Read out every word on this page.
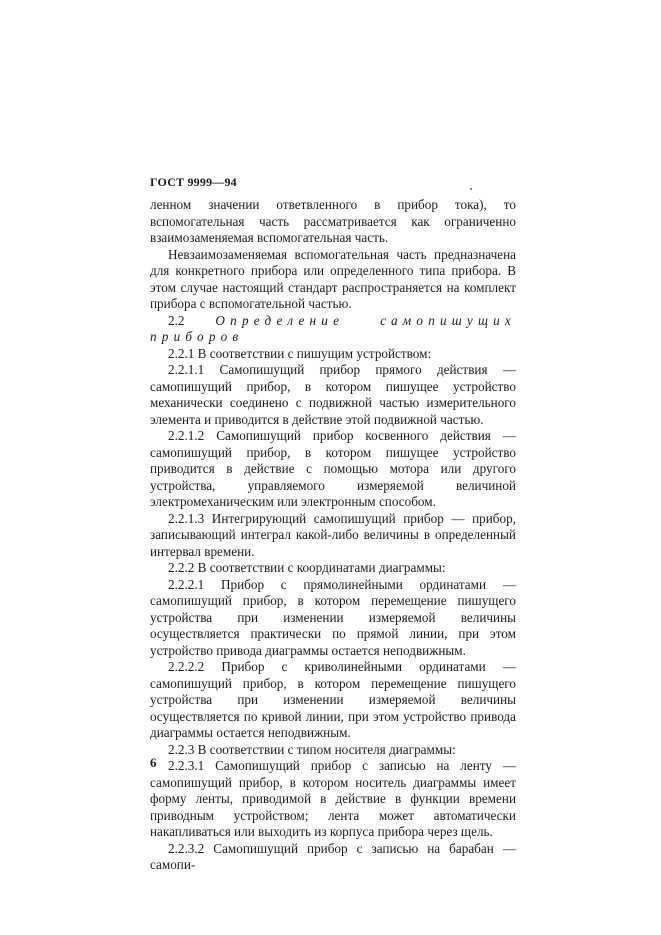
ГОСТ 9999—94

ленном значении ответвленного в прибор тока), то вспомогательная часть рассматривается как ограниченно взаимозаменяемая вспомогательная часть.

Невзаимозаменяемая вспомогательная часть предназначена для конкретного прибора или определенного типа прибора. В этом случае настоящий стандарт распространяется на комплект прибора с вспомогательной частью.

2.2 Определение самопишущих приборов

2.2.1 В соответствии с пишущим устройством:

2.2.1.1 Самопишущий прибор прямого действия — самопишущий прибор, в котором пишущее устройство механически соединено с подвижной частью измерительного элемента и приводится в действие этой подвижной частью.

2.2.1.2 Самопишущий прибор косвенного действия — самопишущий прибор, в котором пишущее устройство приводится в действие с помощью мотора или другого устройства, управляемого измеряемой величиной электромеханическим или электронным способом.

2.2.1.3 Интегрирующий самопишущий прибор — прибор, записывающий интеграл какой-либо величины в определенный интервал времени.

2.2.2 В соответствии с координатами диаграммы:

2.2.2.1 Прибор с прямолинейными ординатами — самопишущий прибор, в котором перемещение пишущего устройства при изменении измеряемой величины осуществляется практически по прямой линии, при этом устройство привода диаграммы остается неподвижным.

2.2.2.2 Прибор с криволинейными ординатами — самопишущий прибор, в котором перемещение пишущего устройства при изменении измеряемой величины осуществляется по кривой линии, при этом устройство привода диаграммы остается неподвижным.

2.2.3 В соответствии с типом носителя диаграммы:

2.2.3.1 Самопишущий прибор с записью на ленту — самопишущий прибор, в котором носитель диаграммы имеет форму ленты, приводимой в действие в функции времени приводным устройством; лента может автоматически накапливаться или выходить из корпуса прибора через щель.

2.2.3.2 Самопишущий прибор с записью на барабан — самопи-

6
